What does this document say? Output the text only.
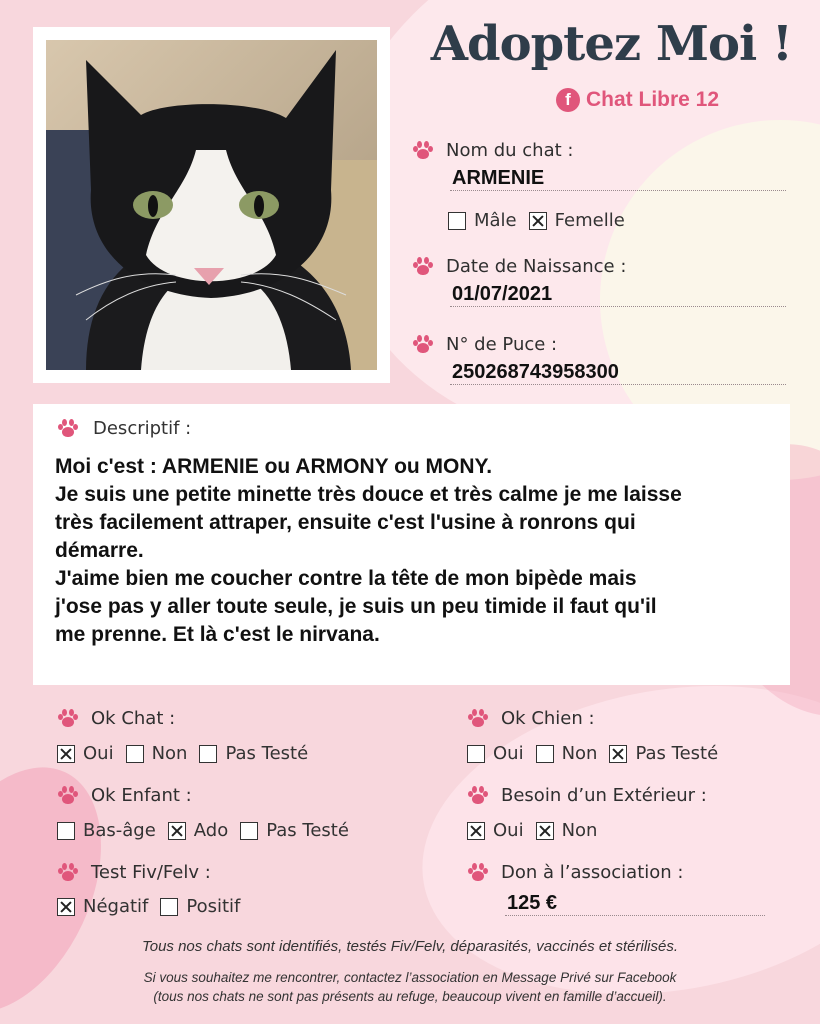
Adoptez Moi !
f Chat Libre 12
Nom du chat :
ARMENIE
Mâle Femelle
Date de Naissance :
01/07/2021
N° de Puce :
250268743958300
Descriptif :
Moi c'est : ARMENIE ou ARMONY ou MONY.
Je suis une petite minette très douce et très calme je me laisse
très facilement attraper, ensuite c'est l'usine à ronrons qui
démarre.
J'aime bien me coucher contre la tête de mon bipède mais
j'ose pas y aller toute seule, je suis un peu timide il faut qu'il
me prenne. Et là c'est le nirvana.
Ok Chat :
Oui Non Pas Testé
Ok Chien :
Oui Non Pas Testé
Ok Enfant :
Bas-âge Ado Pas Testé
Besoin d’un Extérieur :
Oui Non
Test Fiv/Felv :
Négatif Positif
Don à l’association :
125 €
Tous nos chats sont identifiés, testés Fiv/Felv, déparasités, vaccinés et stérilisés.
Si vous souhaitez me rencontrer, contactez l’association en Message Privé sur Facebook
(tous nos chats ne sont pas présents au refuge, beaucoup vivent en famille d’accueil).
